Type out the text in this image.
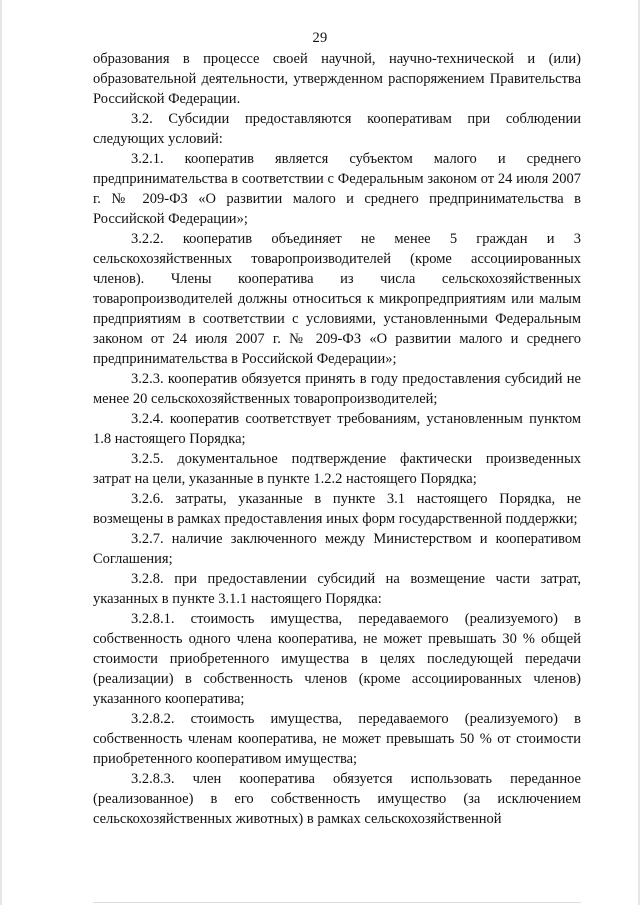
29

образования в процессе своей научной, научно-технической и (или) образовательной деятельности, утвержденном распоряжением Правительства Российской Федерации.

3.2. Субсидии предоставляются кооперативам при соблюдении следующих условий:

3.2.1. кооператив является субъектом малого и среднего предпринимательства в соответствии с Федеральным законом от 24 июля 2007 г. № 209-ФЗ «О развитии малого и среднего предпринимательства в Российской Федерации»;

3.2.2. кооператив объединяет не менее 5 граждан и 3 сельскохозяйственных товаропроизводителей (кроме ассоциированных членов). Члены кооператива из числа сельскохозяйственных товаропроизводителей должны относиться к микропредприятиям или малым предприятиям в соответствии с условиями, установленными Федеральным законом от 24 июля 2007 г. № 209-ФЗ «О развитии малого и среднего предпринимательства в Российской Федерации»;

3.2.3. кооператив обязуется принять в году предоставления субсидий не менее 20 сельскохозяйственных товаропроизводителей;

3.2.4. кооператив соответствует требованиям, установленным пунктом 1.8 настоящего Порядка;

3.2.5. документальное подтверждение фактически произведенных затрат на цели, указанные в пункте 1.2.2 настоящего Порядка;

3.2.6. затраты, указанные в пункте 3.1 настоящего Порядка, не возмещены в рамках предоставления иных форм государственной поддержки;

3.2.7. наличие заключенного между Министерством и кооперативом Соглашения;

3.2.8. при предоставлении субсидий на возмещение части затрат, указанных в пункте 3.1.1 настоящего Порядка:

3.2.8.1. стоимость имущества, передаваемого (реализуемого) в собственность одного члена кооператива, не может превышать 30 % общей стоимости приобретенного имущества в целях последующей передачи (реализации) в собственность членов (кроме ассоциированных членов) указанного кооператива;

3.2.8.2. стоимость имущества, передаваемого (реализуемого) в собственность членам кооператива, не может превышать 50 % от стоимости приобретенного кооперативом имущества;

3.2.8.3. член кооператива обязуется использовать переданное (реализованное) в его собственность имущество (за исключением сельскохозяйственных животных) в рамках сельскохозяйственной
